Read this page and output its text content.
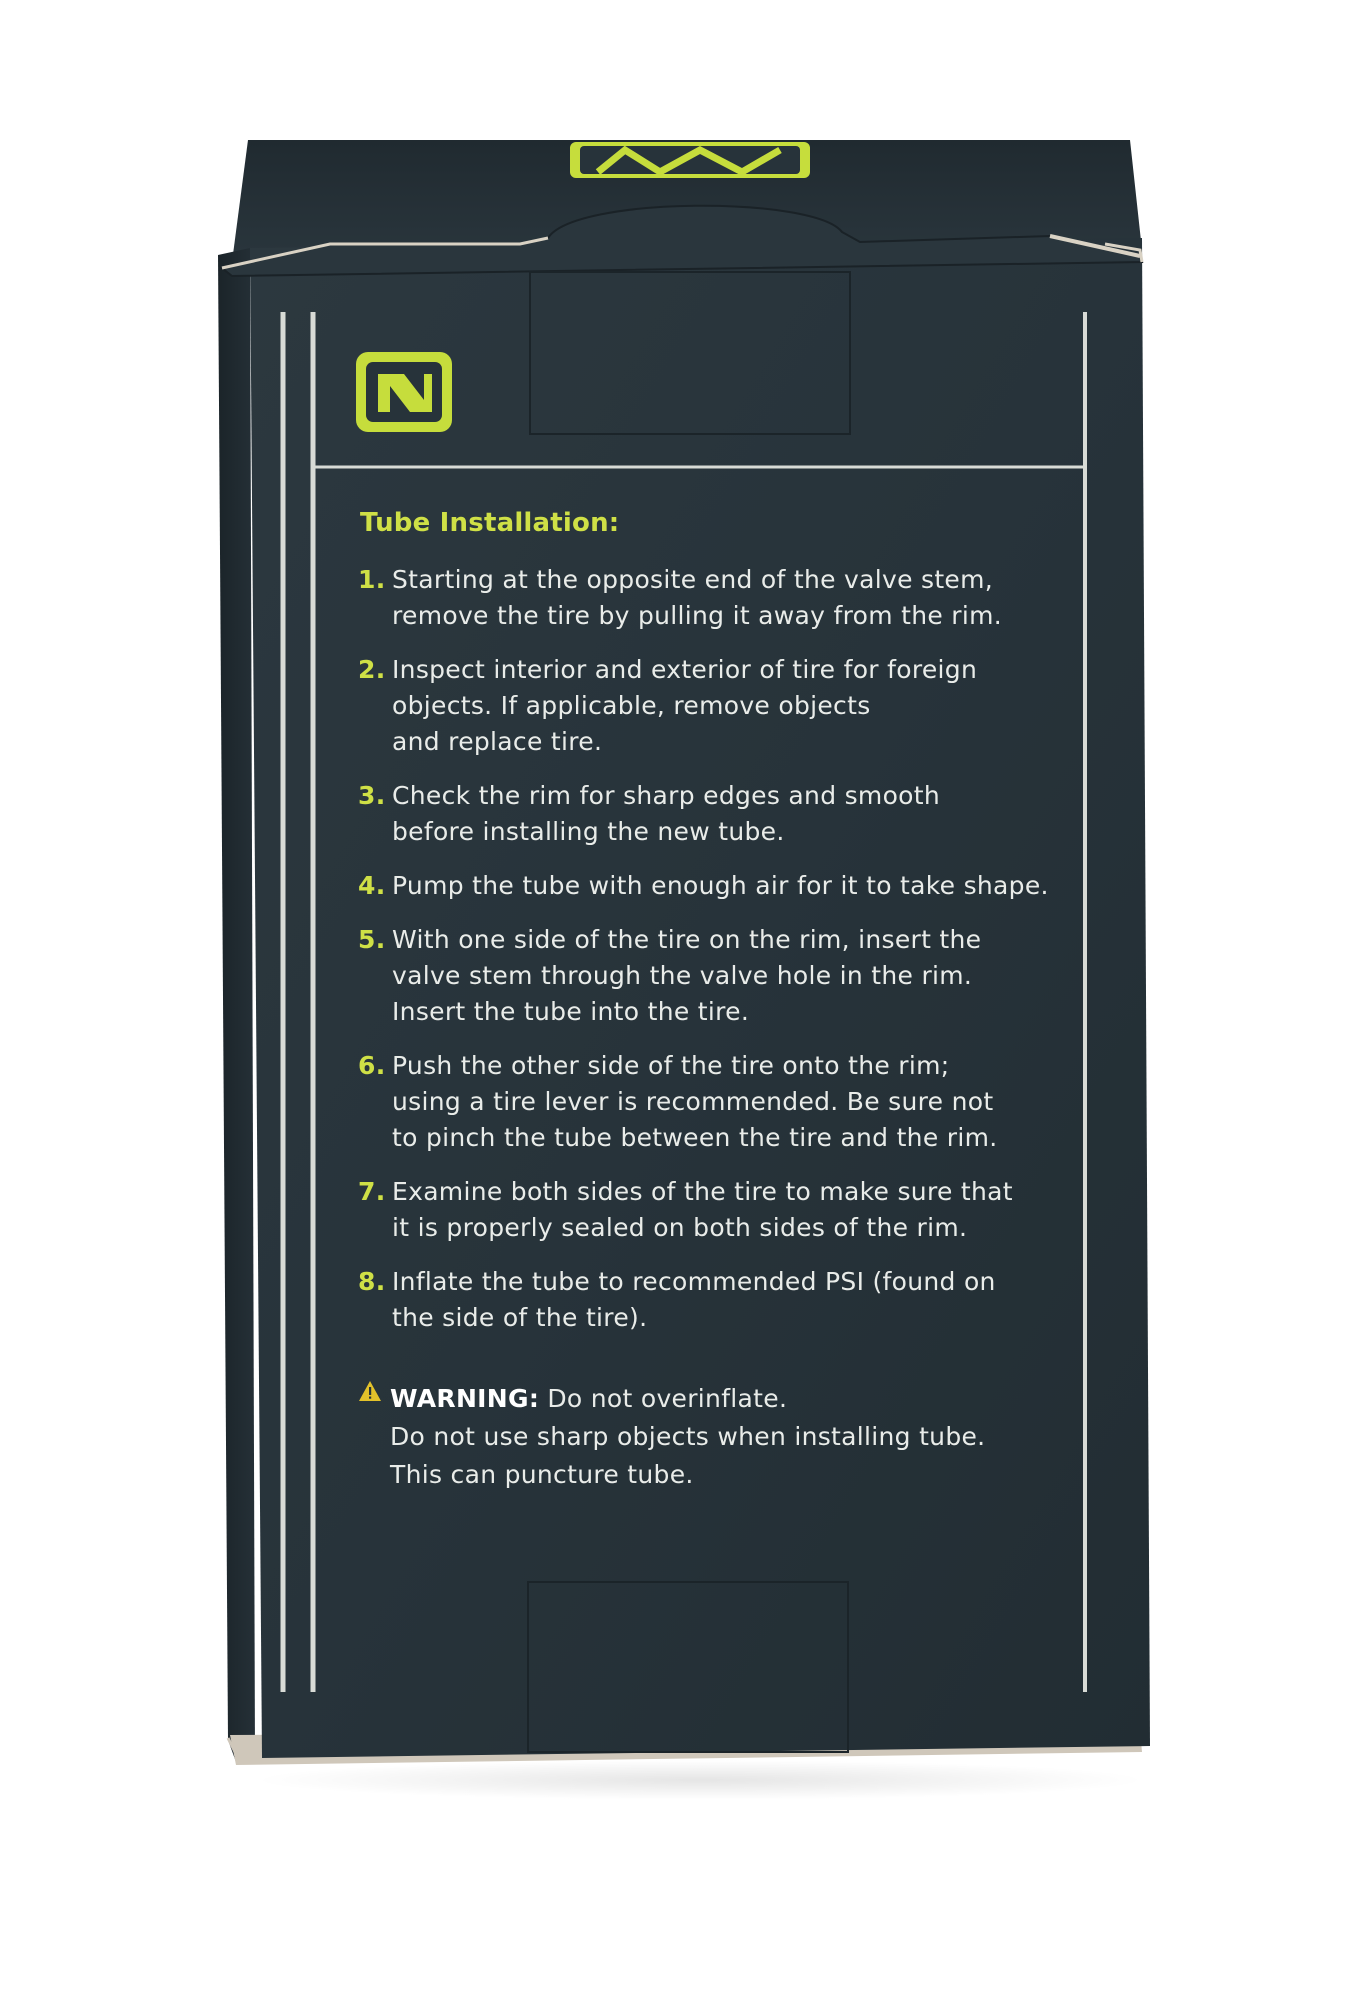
Tube Installation:
1. Starting at the opposite end of the valve stem,
remove the tire by pulling it away from the rim.
2. Inspect interior and exterior of tire for foreign
objects. If applicable, remove objects
and replace tire.
3. Check the rim for sharp edges and smooth
before installing the new tube.
4. Pump the tube with enough air for it to take shape.
5. With one side of the tire on the rim, insert the
valve stem through the valve hole in the rim.
Insert the tube into the tire.
6. Push the other side of the tire onto the rim;
using a tire lever is recommended. Be sure not
to pinch the tube between the tire and the rim.
7. Examine both sides of the tire to make sure that
it is properly sealed on both sides of the rim.
8. Inflate the tube to recommended PSI (found on
the side of the tire).
WARNING: Do not overinflate.
Do not use sharp objects when installing tube.
This can puncture tube.
